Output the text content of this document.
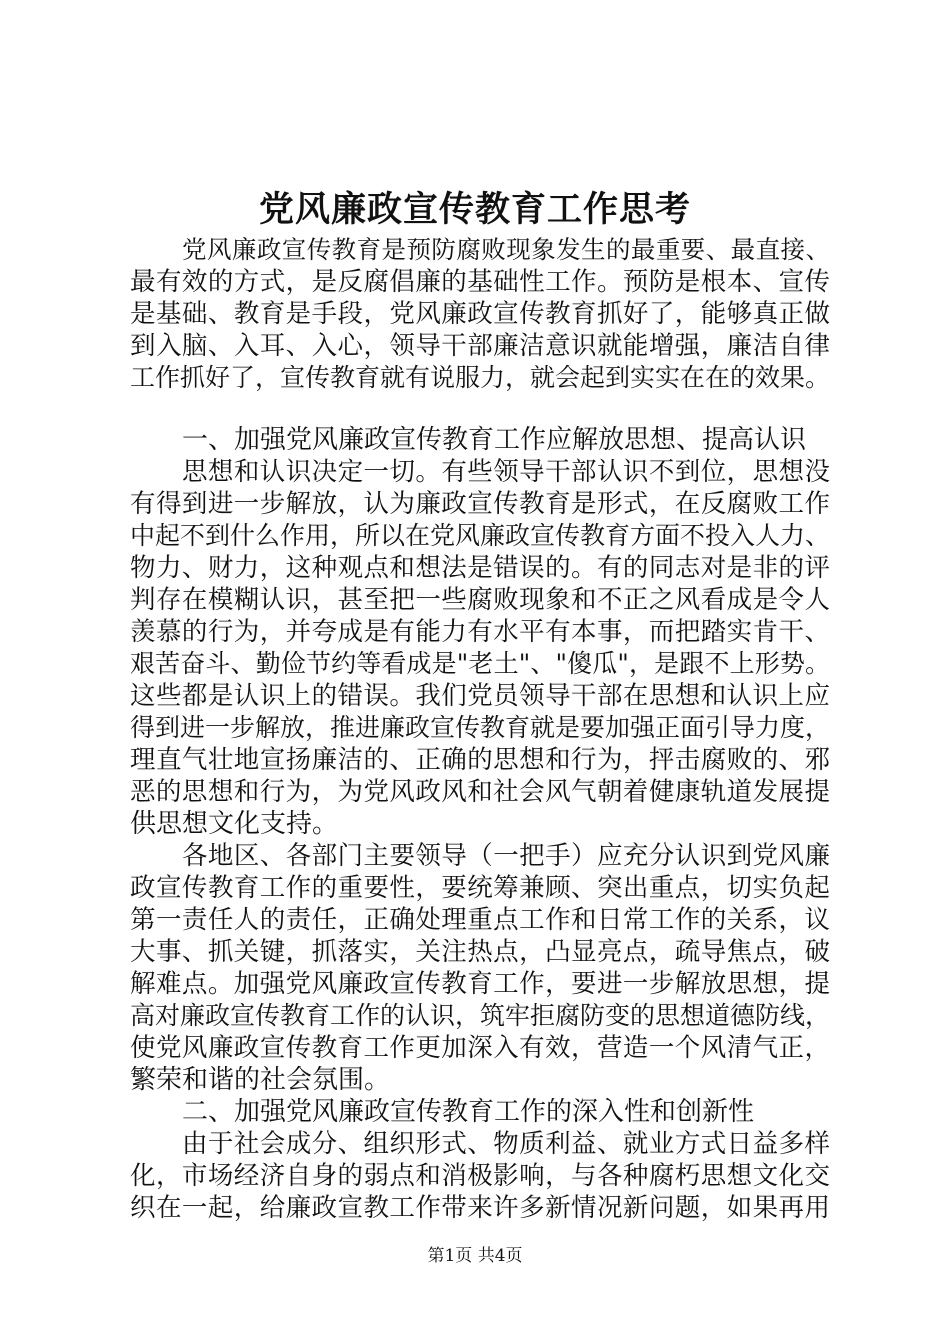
党风廉政宣传教育工作思考
党风廉政宣传教育是预防腐败现象发生的最重要、最直接、
最有效的方式，是反腐倡廉的基础性工作。预防是根本、宣传
是基础、教育是手段，党风廉政宣传教育抓好了，能够真正做
到入脑、入耳、入心，领导干部廉洁意识就能增强，廉洁自律
工作抓好了，宣传教育就有说服力，就会起到实实在在的效果。
一、加强党风廉政宣传教育工作应解放思想、提高认识
思想和认识决定一切。有些领导干部认识不到位，思想没
有得到进一步解放，认为廉政宣传教育是形式，在反腐败工作
中起不到什么作用，所以在党风廉政宣传教育方面不投入人力、
物力、财力，这种观点和想法是错误的。有的同志对是非的评
判存在模糊认识，甚至把一些腐败现象和不正之风看成是令人
羡慕的行为，并夸成是有能力有水平有本事，而把踏实肯干、
艰苦奋斗、勤俭节约等看成是"老土"、"傻瓜"，是跟不上形势。
这些都是认识上的错误。我们党员领导干部在思想和认识上应
得到进一步解放，推进廉政宣传教育就是要加强正面引导力度，
理直气壮地宣扬廉洁的、正确的思想和行为，抨击腐败的、邪
恶的思想和行为，为党风政风和社会风气朝着健康轨道发展提
供思想文化支持。
各地区、各部门主要领导（一把手）应充分认识到党风廉
政宣传教育工作的重要性，要统筹兼顾、突出重点，切实负起
第一责任人的责任，正确处理重点工作和日常工作的关系，议
大事、抓关键，抓落实，关注热点，凸显亮点，疏导焦点，破
解难点。加强党风廉政宣传教育工作，要进一步解放思想，提
高对廉政宣传教育工作的认识，筑牢拒腐防变的思想道德防线，
使党风廉政宣传教育工作更加深入有效，营造一个风清气正，
繁荣和谐的社会氛围。
二、加强党风廉政宣传教育工作的深入性和创新性
由于社会成分、组织形式、物质利益、就业方式日益多样
化，市场经济自身的弱点和消极影响，与各种腐朽思想文化交
织在一起，给廉政宣教工作带来许多新情况新问题，如果再用
第1页 共4页
